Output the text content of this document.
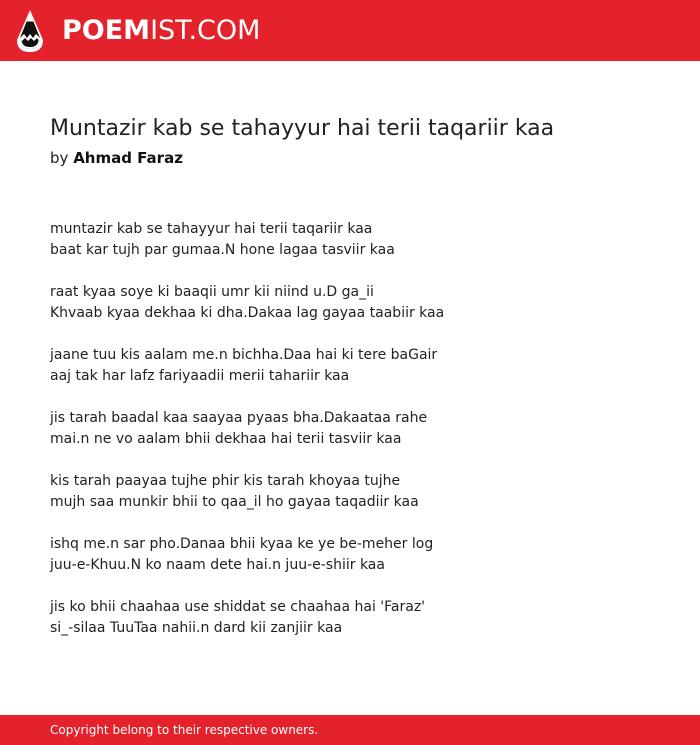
POEMIST.COM
Muntazir kab se tahayyur hai terii taqariir kaa
by Ahmad Faraz
muntazir kab se tahayyur hai terii taqariir kaa
baat kar tujh par gumaa.N hone lagaa tasviir kaa
raat kyaa soye ki baaqii umr kii niind u.D ga_ii
Khvaab kyaa dekhaa ki dha.Dakaa lag gayaa taabiir kaa
jaane tuu kis aalam me.n bichha.Daa hai ki tere baGair
aaj tak har lafz fariyaadii merii tahariir kaa
jis tarah baadal kaa saayaa pyaas bha.Dakaataa rahe
mai.n ne vo aalam bhii dekhaa hai terii tasviir kaa
kis tarah paayaa tujhe phir kis tarah khoyaa tujhe
mujh saa munkir bhii to qaa_il ho gayaa taqadiir kaa
ishq me.n sar pho.Danaa bhii kyaa ke ye be-meher log
juu-e-Khuu.N ko naam dete hai.n juu-e-shiir kaa
jis ko bhii chaahaa use shiddat se chaahaa hai 'Faraz'
si_-silaa TuuTaa nahii.n dard kii zanjiir kaa
Copyright belong to their respective owners.
